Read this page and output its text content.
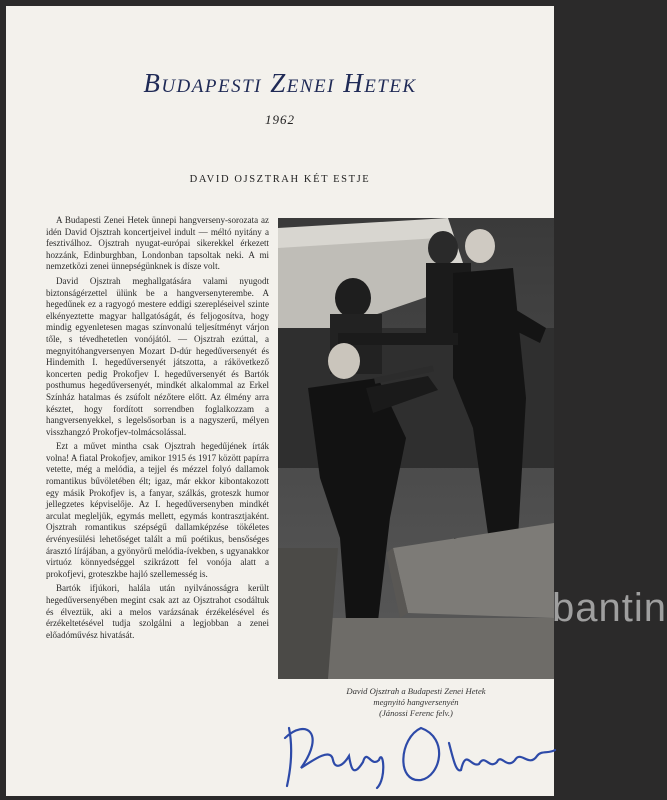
Budapesti Zenei Hetek
1962
DAVID OJSZTRAH KÉT ESTJE

A Budapesti Zenei Hetek ünnepi hangverseny-sorozata az idén David Ojsztrah koncertjeivel indult — méltó nyitány a fesztiválhoz. Ojsztrah nyugat-európai sikerekkel érkezett hozzánk, Edinburghban, Londonban tapsoltak neki. A mi nemzetközi zenei ünnepségünknek is dísze volt.

David Ojsztrah meghallgatására valami nyugodt biztonságérzettel ülünk be a hangversenyterembe. A hegedűnek ez a ragyogó mestere eddigi szerepléseivel szinte elkényeztette magyar hallgatóságát, és feljogosítva, hogy mindig egyenletesen magas színvonalú teljesítményt várjon tőle, s tévedhetetlen vonójától. — Ojsztrah ezúttal, a megnyitóhangversenyen Mozart D-dúr hegedűversenyét és Hindemith I. hegedűversenyét játszotta, a rákövetkező koncerten pedig Prokofjev I. hegedűversenyét és Bartók posthumus hegedűversenyét, mindkét alkalommal az Erkel Színház hatalmas és zsúfolt nézőtere előtt. Az élmény arra késztet, hogy fordított sorrendben foglalkozzam a hangversenyekkel, s legelsősorban is a nagyszerű, mélyen visszhangzó Prokofjev-tolmácsolással.

Ezt a művet mintha csak Ojsztrah hegedűjének írták volna! A fiatal Prokofjev, amikor 1915 és 1917 között papírra vetette, még a melódia, a tejjel és mézzel folyó dallamok romantikus bűvöletében élt; igaz, már ekkor kibontakozott egy másik Prokofjev is, a fanyar, szálkás, groteszk humor jellegzetes képviselője. Az I. hegedűversenyben mindkét arculat megleljük, egymás mellett, egymás kontrasztjaként. Ojsztrah romantikus szépségű dallamképzése tökéletes érvényesülési lehetőséget talált a mű poétikus, bensőséges árasztó lírájában, a gyönyörű melódia-ívekben, s ugyanakkor virtuóz könnyedséggel szikrázott fel vonója alatt a prokofjevi, groteszkbe hajló szellemesség is.

Bartók ifjúkori, halála után nyilvánosságra került hegedűversenyében megint csak azt az Ojsztrahot csodáltuk és élveztük, aki a melos varázsának érzékelésével és érzékeltetésével tudja szolgálni a legjobban a zenei előadóművész hivatását.

bantin
David Ojsztrah a Budapesti Zenei Hetek
megnyitó hangversenyén
(Jánossi Ferenc felv.)
